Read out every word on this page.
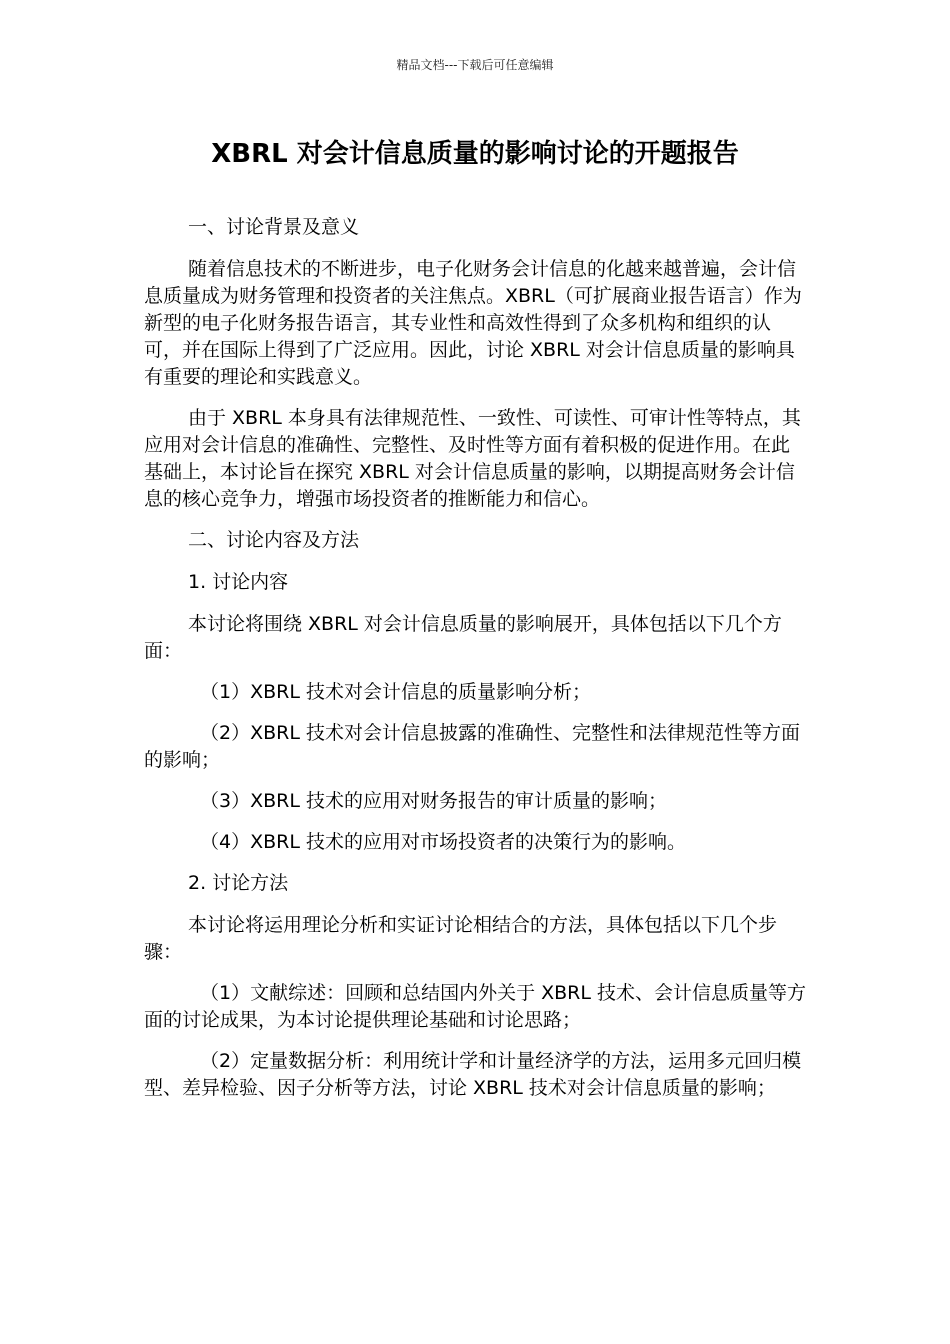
精品文档---下载后可任意编辑
XBRL 对会计信息质量的影响讨论的开题报告

一、讨论背景及意义

随着信息技术的不断进步，电子化财务会计信息的化越来越普遍，会计信息质量成为财务管理和投资者的关注焦点。XBRL（可扩展商业报告语言）作为新型的电子化财务报告语言，其专业性和高效性得到了众多机构和组织的认可，并在国际上得到了广泛应用。因此，讨论 XBRL 对会计信息质量的影响具有重要的理论和实践意义。

由于 XBRL 本身具有法律规范性、一致性、可读性、可审计性等特点，其应用对会计信息的准确性、完整性、及时性等方面有着积极的促进作用。在此基础上，本讨论旨在探究 XBRL 对会计信息质量的影响，以期提高财务会计信息的核心竞争力，增强市场投资者的推断能力和信心。

二、讨论内容及方法

1. 讨论内容

本讨论将围绕 XBRL 对会计信息质量的影响展开，具体包括以下几个方面：

（1）XBRL 技术对会计信息的质量影响分析；

（2）XBRL 技术对会计信息披露的准确性、完整性和法律规范性等方面的影响；

（3）XBRL 技术的应用对财务报告的审计质量的影响；

（4）XBRL 技术的应用对市场投资者的决策行为的影响。

2. 讨论方法

本讨论将运用理论分析和实证讨论相结合的方法，具体包括以下几个步骤：

（1）文献综述：回顾和总结国内外关于 XBRL 技术、会计信息质量等方面的讨论成果，为本讨论提供理论基础和讨论思路；

（2）定量数据分析：利用统计学和计量经济学的方法，运用多元回归模型、差异检验、因子分析等方法，讨论 XBRL 技术对会计信息质量的影响；
